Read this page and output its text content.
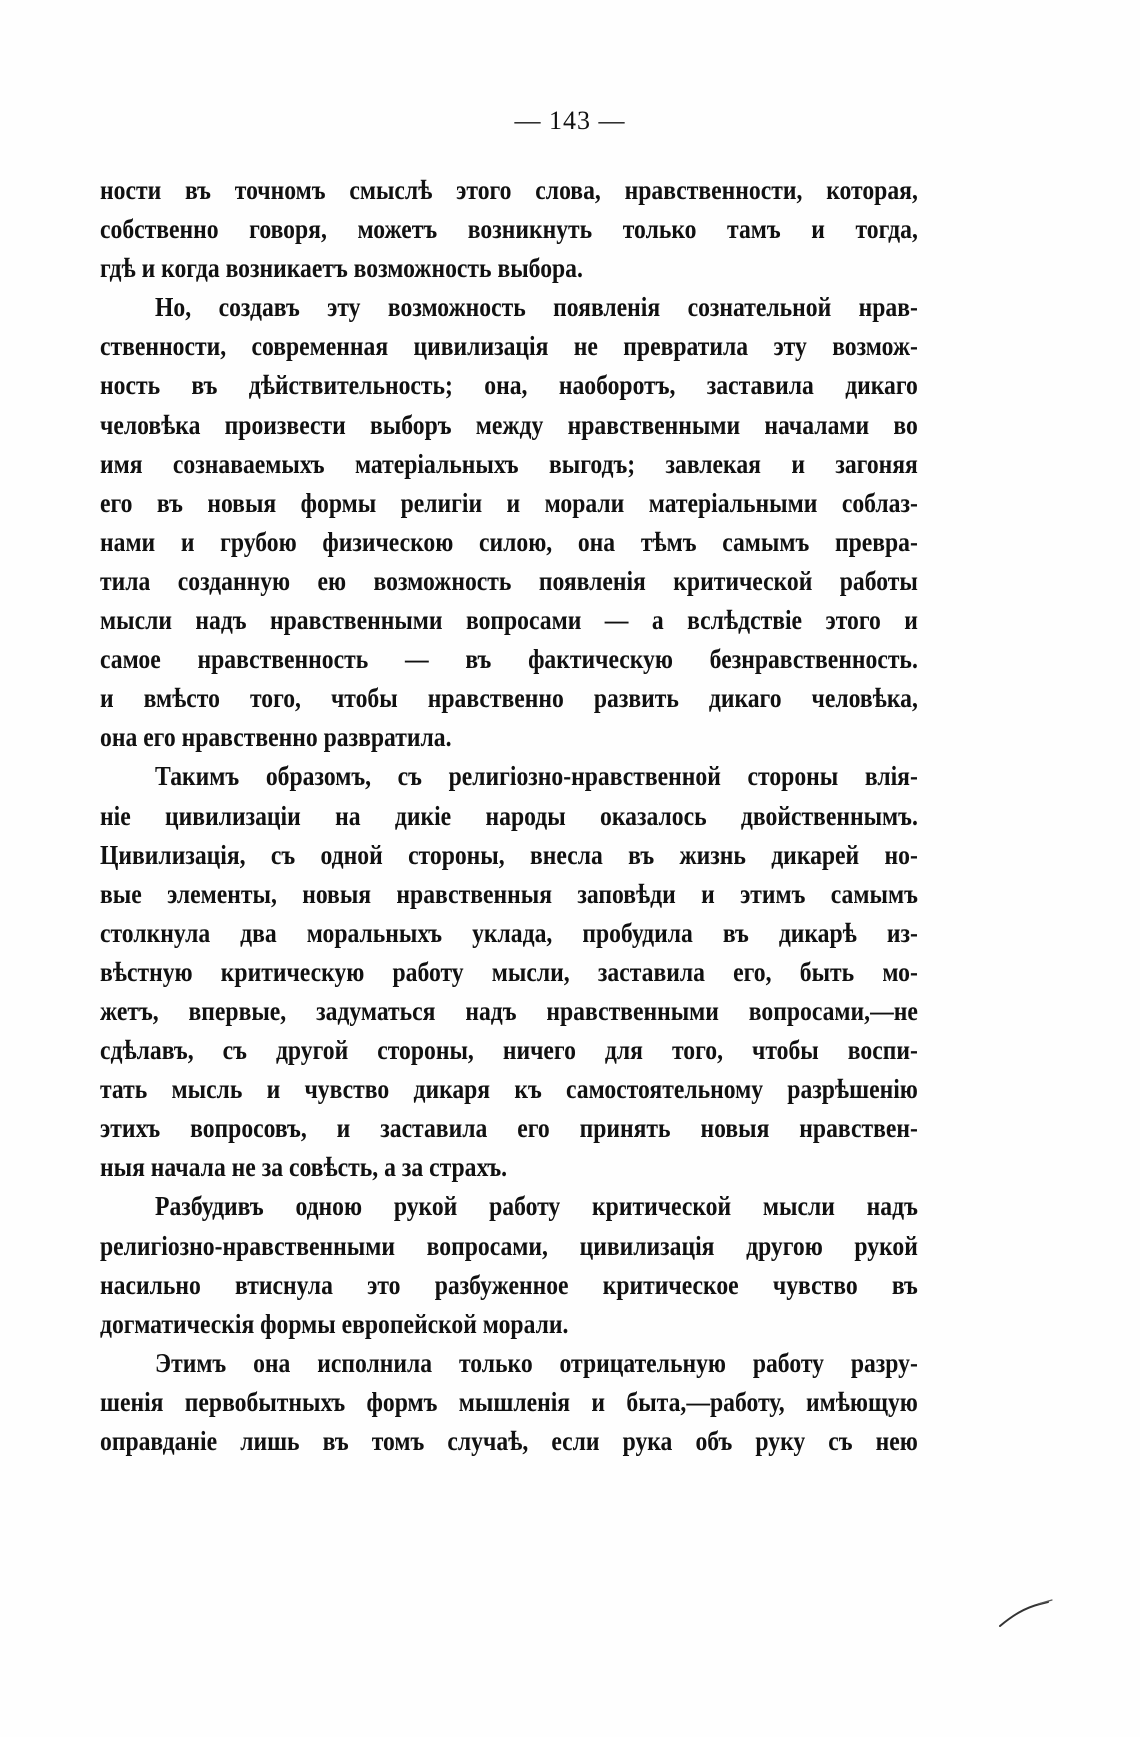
— 143 —
ности въ точномъ смыслѣ этого слова, нравственности, которая,
собственно говоря, можетъ возникнуть только тамъ и тогда,
гдѣ и когда возникаетъ возможность выбора.
Но, создавъ эту возможность появленія сознательной нрав-
ственности, современная цивилизація не превратила эту возмож-
ность въ дѣйствительность; она, наоборотъ, заставила дикаго
человѣка произвести выборъ между нравственными началами во
имя сознаваемыхъ матеріальныхъ выгодъ; завлекая и загоняя
его въ новыя формы религіи и морали матеріальными соблаз-
нами и грубою физическою силою, она тѣмъ самымъ превра-
тила созданную ею возможность появленія критической работы
мысли надъ нравственными вопросами — а вслѣдствіе этого и
самое нравственность — въ фактическую безнравственность.
и вмѣсто того, чтобы нравственно развить дикаго человѣка,
она его нравственно развратила.
Такимъ образомъ, съ религіозно-нравственной стороны влія-
ніе цивилизаціи на дикіе народы оказалось двойственнымъ.
Цивилизація, съ одной стороны, внесла въ жизнь дикарей но-
вые элементы, новыя нравственныя заповѣди и этимъ самымъ
столкнула два моральныхъ уклада, пробудила въ дикарѣ из-
вѣстную критическую работу мысли, заставила его, быть мо-
жетъ, впервые, задуматься надъ нравственными вопросами,—не
сдѣлавъ, съ другой стороны, ничего для того, чтобы воспи-
тать мысль и чувство дикаря къ самостоятельному разрѣшенію
этихъ вопросовъ, и заставила его принять новыя нравствен-
ныя начала не за совѣсть, а за страхъ.
Разбудивъ одною рукой работу критической мысли надъ
религіозно-нравственными вопросами, цивилизація другою рукой
насильно втиснула это разбуженное критическое чувство въ
догматическія формы европейской морали.
Этимъ она исполнила только отрицательную работу разру-
шенія первобытныхъ формъ мышленія и быта,—работу, имѣющую
оправданіе лишь въ томъ случаѣ, если рука объ руку съ нею
